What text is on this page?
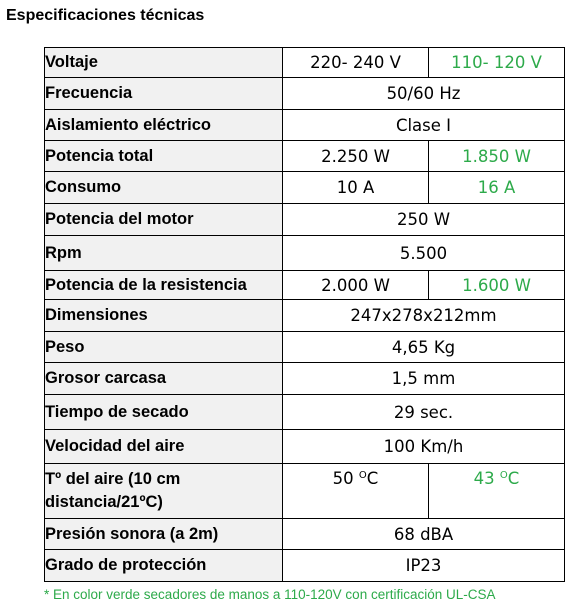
Especificaciones técnicas
Voltaje	220- 240 V	110- 120 V
Frecuencia	50/60 Hz	
Aislamiento eléctrico	Clase I	
Potencia total	2.250 W	1.850 W
Consumo	10 A	16 A
Potencia del motor	250 W	
Rpm	5.500	
Potencia de la resistencia	2.000 W	1.600 W
Dimensiones	247x278x212mm	
Peso	4,65 Kg	
Grosor carcasa	1,5 mm	
Tiempo de secado	29 sec.	
Velocidad del aire	100 Km/h	
Tº del aire (10 cm
distancia/21ºC)	50 $^O$C	43 $^O$C
Presión sonora (a 2m)	68 dBA	
Grado de protección	IP23	
* En color verde secadores de manos a 110-120V con certificación UL-CSA
